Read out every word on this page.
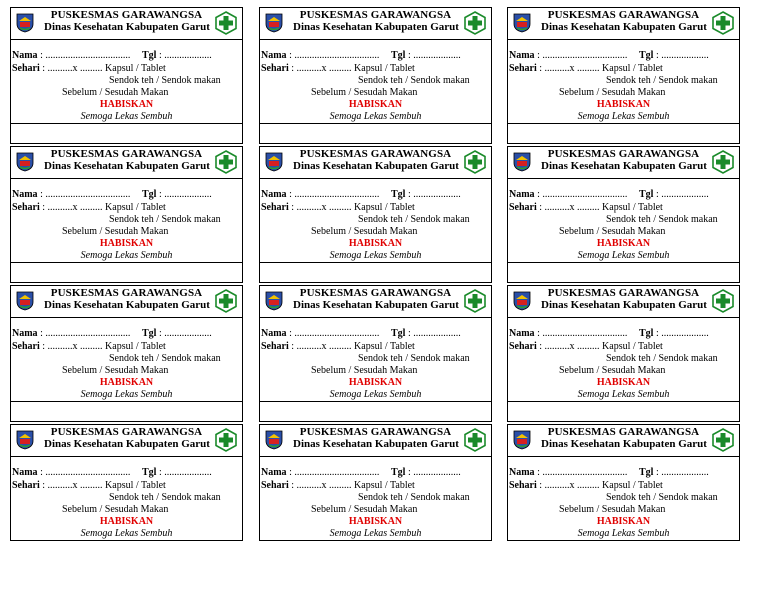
PUSKESMAS GARAWANGSA
Dinas Kesehatan Kabupaten Garut
Nama : .................................. Tgl : ...................
Sehari : ..........x ......... Kapsul / Tablet
Sendok teh / Sendok makan
Sebelum / Sesudah Makan
HABISKAN
Semoga Lekas Sembuh
PUSKESMAS GARAWANGSA
Dinas Kesehatan Kabupaten Garut
Nama : .................................. Tgl : ...................
Sehari : ..........x ......... Kapsul / Tablet
Sendok teh / Sendok makan
Sebelum / Sesudah Makan
HABISKAN
Semoga Lekas Sembuh
PUSKESMAS GARAWANGSA
Dinas Kesehatan Kabupaten Garut
Nama : .................................. Tgl : ...................
Sehari : ..........x ......... Kapsul / Tablet
Sendok teh / Sendok makan
Sebelum / Sesudah Makan
HABISKAN
Semoga Lekas Sembuh
PUSKESMAS GARAWANGSA
Dinas Kesehatan Kabupaten Garut
Nama : .................................. Tgl : ...................
Sehari : ..........x ......... Kapsul / Tablet
Sendok teh / Sendok makan
Sebelum / Sesudah Makan
HABISKAN
Semoga Lekas Sembuh
PUSKESMAS GARAWANGSA
Dinas Kesehatan Kabupaten Garut
Nama : .................................. Tgl : ...................
Sehari : ..........x ......... Kapsul / Tablet
Sendok teh / Sendok makan
Sebelum / Sesudah Makan
HABISKAN
Semoga Lekas Sembuh
PUSKESMAS GARAWANGSA
Dinas Kesehatan Kabupaten Garut
Nama : .................................. Tgl : ...................
Sehari : ..........x ......... Kapsul / Tablet
Sendok teh / Sendok makan
Sebelum / Sesudah Makan
HABISKAN
Semoga Lekas Sembuh
PUSKESMAS GARAWANGSA
Dinas Kesehatan Kabupaten Garut
Nama : .................................. Tgl : ...................
Sehari : ..........x ......... Kapsul / Tablet
Sendok teh / Sendok makan
Sebelum / Sesudah Makan
HABISKAN
Semoga Lekas Sembuh
PUSKESMAS GARAWANGSA
Dinas Kesehatan Kabupaten Garut
Nama : .................................. Tgl : ...................
Sehari : ..........x ......... Kapsul / Tablet
Sendok teh / Sendok makan
Sebelum / Sesudah Makan
HABISKAN
Semoga Lekas Sembuh
PUSKESMAS GARAWANGSA
Dinas Kesehatan Kabupaten Garut
Nama : .................................. Tgl : ...................
Sehari : ..........x ......... Kapsul / Tablet
Sendok teh / Sendok makan
Sebelum / Sesudah Makan
HABISKAN
Semoga Lekas Sembuh
PUSKESMAS GARAWANGSA
Dinas Kesehatan Kabupaten Garut
Nama : .................................. Tgl : ...................
Sehari : ..........x ......... Kapsul / Tablet
Sendok teh / Sendok makan
Sebelum / Sesudah Makan
HABISKAN
Semoga Lekas Sembuh
PUSKESMAS GARAWANGSA
Dinas Kesehatan Kabupaten Garut
Nama : .................................. Tgl : ...................
Sehari : ..........x ......... Kapsul / Tablet
Sendok teh / Sendok makan
Sebelum / Sesudah Makan
HABISKAN
Semoga Lekas Sembuh
PUSKESMAS GARAWANGSA
Dinas Kesehatan Kabupaten Garut
Nama : .................................. Tgl : ...................
Sehari : ..........x ......... Kapsul / Tablet
Sendok teh / Sendok makan
Sebelum / Sesudah Makan
HABISKAN
Semoga Lekas Sembuh
